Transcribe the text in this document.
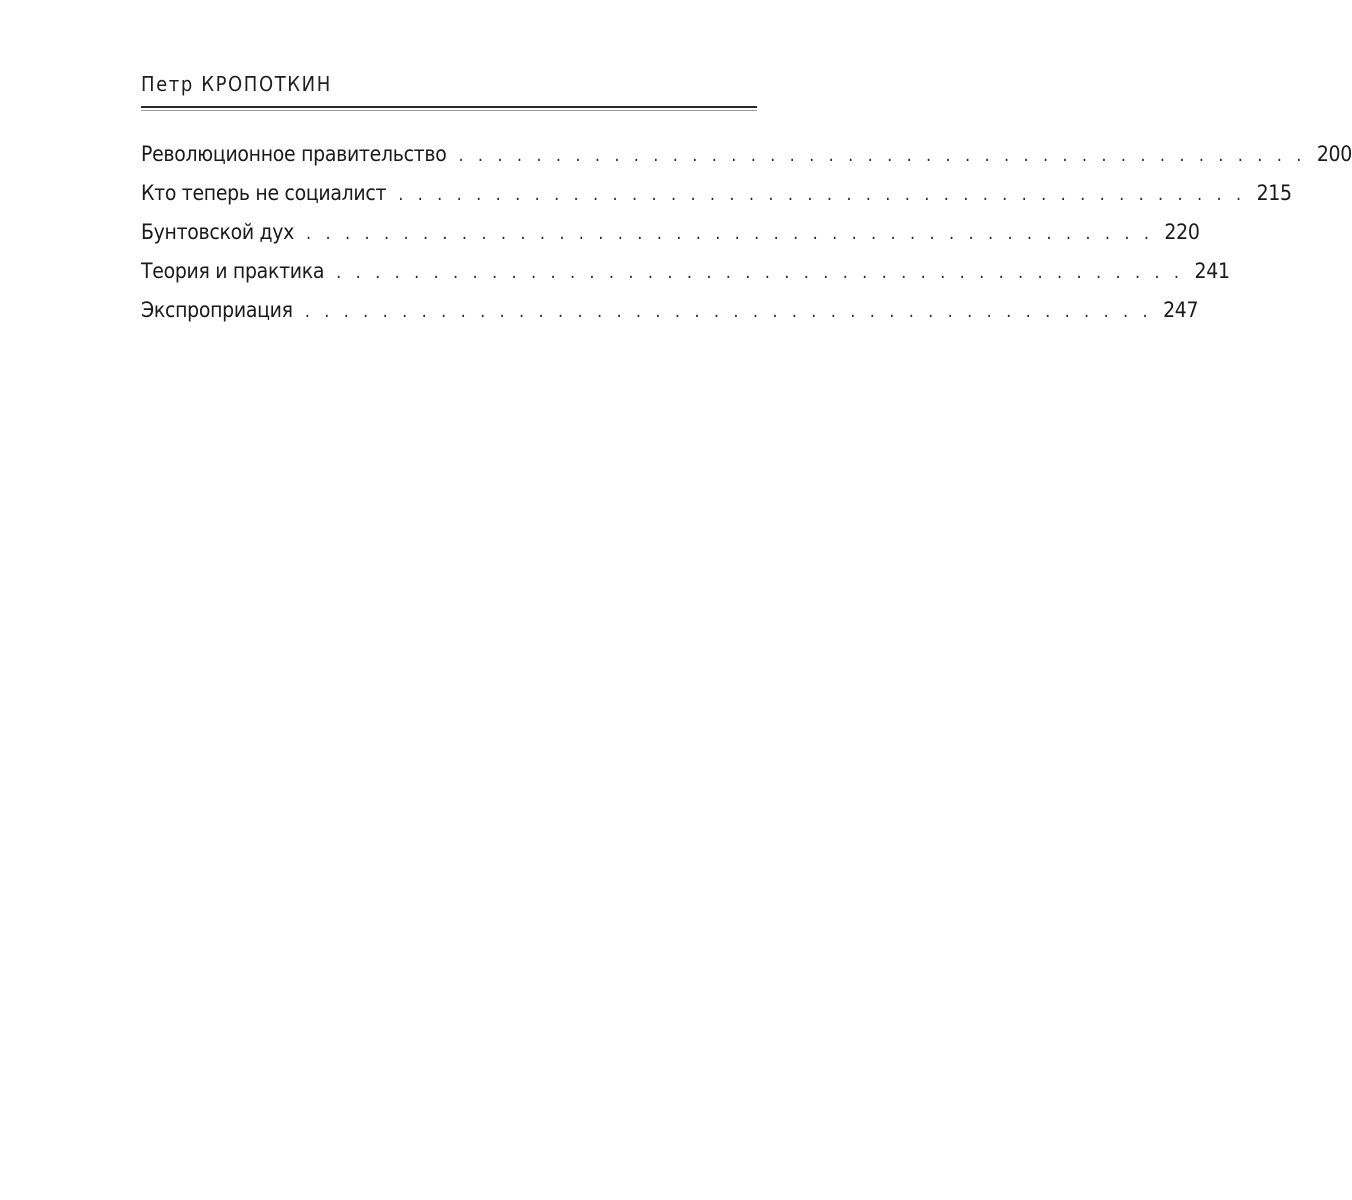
Петр КРОПОТКИН
Революционное правительство . . . . . . . . . . . . . . . . . . . . . . . . . . . . . . . . . . . . . . . . . . . . 200
Кто теперь не социалист . . . . . . . . . . . . . . . . . . . . . . . . . . . . . . . . . . . . . . . . . . . . 215
Бунтовской дух . . . . . . . . . . . . . . . . . . . . . . . . . . . . . . . . . . . . . . . . . . . . 220
Теория и практика . . . . . . . . . . . . . . . . . . . . . . . . . . . . . . . . . . . . . . . . . . . . 241
Экспроприация . . . . . . . . . . . . . . . . . . . . . . . . . . . . . . . . . . . . . . . . . . . . 247
